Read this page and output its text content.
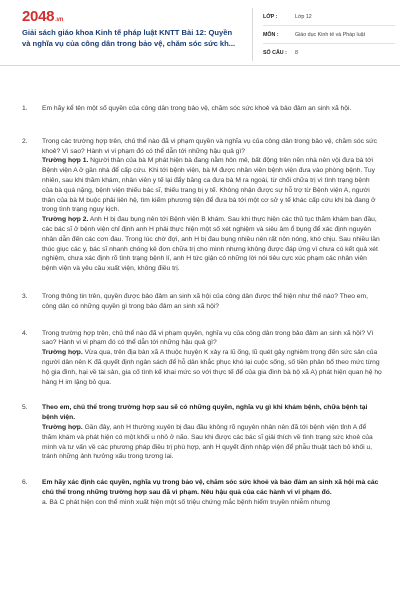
2048.vn
Giải sách giáo khoa Kinh tế pháp luật KNTT Bài 12: Quyền
và nghĩa vụ của công dân trong bảo vệ, chăm sóc sức kh...
LỚP :	Lớp 12
MÔN :	Giáo dục Kinh tế và Pháp luật
SỐ CÂU :	8
1.	Em hãy kể tên một số quyền của công dân trong bảo vệ, chăm sóc sức khoẻ và bảo đảm an sinh xã hội.
2.	Trong các trường hợp trên, chủ thể nào đã vi phạm quyền và nghĩa vụ của công dân trong bảo vệ, chăm sóc sức khoẻ? Vì sao? Hành vi vi phạm đó có thể dẫn tới những hậu quả gì?
Trường hợp 1. Người thân của bà M phát hiện bà đang nằm hôn mê, bất động trên nền nhà nên vội đưa bà tới Bệnh viện A ở gần nhà để cấp cứu. Khi tới bệnh viện, bà M được nhân viên bệnh viện đưa vào phòng bệnh. Tuy nhiên, sau khi thăm khám, nhân viên y tế lại đẩy băng ca đưa bà M ra ngoài, từ chối chữa trị vì tình trạng bệnh của bà quá nặng, bệnh viện thiếu bác sĩ, thiếu trang bị y tế. Không nhận được sự hỗ trợ từ Bệnh viện A, người thân của bà M buộc phải liên hệ, tìm kiếm phương tiện để đưa bà tới một cơ sở y tế khác cấp cứu khi bà đang ở trong tình trạng nguy kịch.
Trường hợp 2. Anh H bị đau bụng nên tới Bệnh viện B khám. Sau khi thực hiện các thủ tục thăm khám ban đầu, các bác sĩ ở bệnh viện chỉ định anh H phải thực hiện một số xét nghiệm và siêu âm ổ bụng để xác định nguyên nhân dẫn đến các cơn đau. Trong lúc chờ đợi, anh H bị đau bụng nhiều nên rất nôn nóng, khó chịu. Sau nhiều lần thúc giục các y, bác sĩ nhanh chóng kê đơn chữa trị cho mình nhưng không được đáp ứng vì chưa có kết quả xét nghiệm, chưa xác định rõ tình trạng bệnh lí, anh H tức giận có những lời nói tiêu cực xúc phạm các nhân viên bệnh viện và yêu cầu xuất viện, không điều trị.
3.	Trong thông tin trên, quyền được bảo đảm an sinh xã hội của công dân được thể hiện như thế nào? Theo em, công dân có những quyền gì trong bảo đảm an sinh xã hội?
4.	Trong trường hợp trên, chủ thể nào đã vi phạm quyền, nghĩa vụ của công dân trong bảo đảm an sinh xã hội? Vì sao? Hành vi vi phạm đó có thể dẫn tới những hậu quả gì?
Trường hợp. Vừa qua, trên địa bàn xã A thuộc huyện K xảy ra lũ ống, lũ quét gây nghiêm trọng đến sức sản của người dân nên K đã quyết định ngân sách để hỗ dân khắc phục khó lại cuộc sống, số tiền phân bổ theo mức từng hộ gia đình, hại về tài sản, gia cố tình kế khai mức so với thực tế để của gia đình bà bộ xã A) phát hiện quan hệ họ hàng H im lặng bỏ qua.
5.	Theo em, chủ thể trong trường hợp sau sẽ có những quyền, nghĩa vụ gì khi khám bệnh, chữa bệnh tại bệnh viện.
Trường hợp. Gần đây, anh H thường xuyên bị đau đầu không rõ nguyên nhân nên đã tới bệnh viện tỉnh A để thăm khám và phát hiện có một khối u nhỏ ở não. Sau khi được các bác sĩ giải thích về tình trạng sức khoẻ của mình và tư vấn về các phương pháp điều trị phù hợp, anh H quyết định nhập viện để phẫu thuật tách bỏ khối u, tránh những ảnh hưởng xấu trong tương lai.
6.	Em hãy xác định các quyền, nghĩa vụ trong bảo vệ, chăm sóc sức khoẻ và bảo đảm an sinh xã hội mà các chủ thể trong những trường hợp sau đã vi phạm. Nêu hậu quả của các hành vi vi phạm đó.
a. Bà C phát hiện con thể mình xuất hiện một số triệu chứng mắc bệnh hiểm truyền nhiễm nhưng
